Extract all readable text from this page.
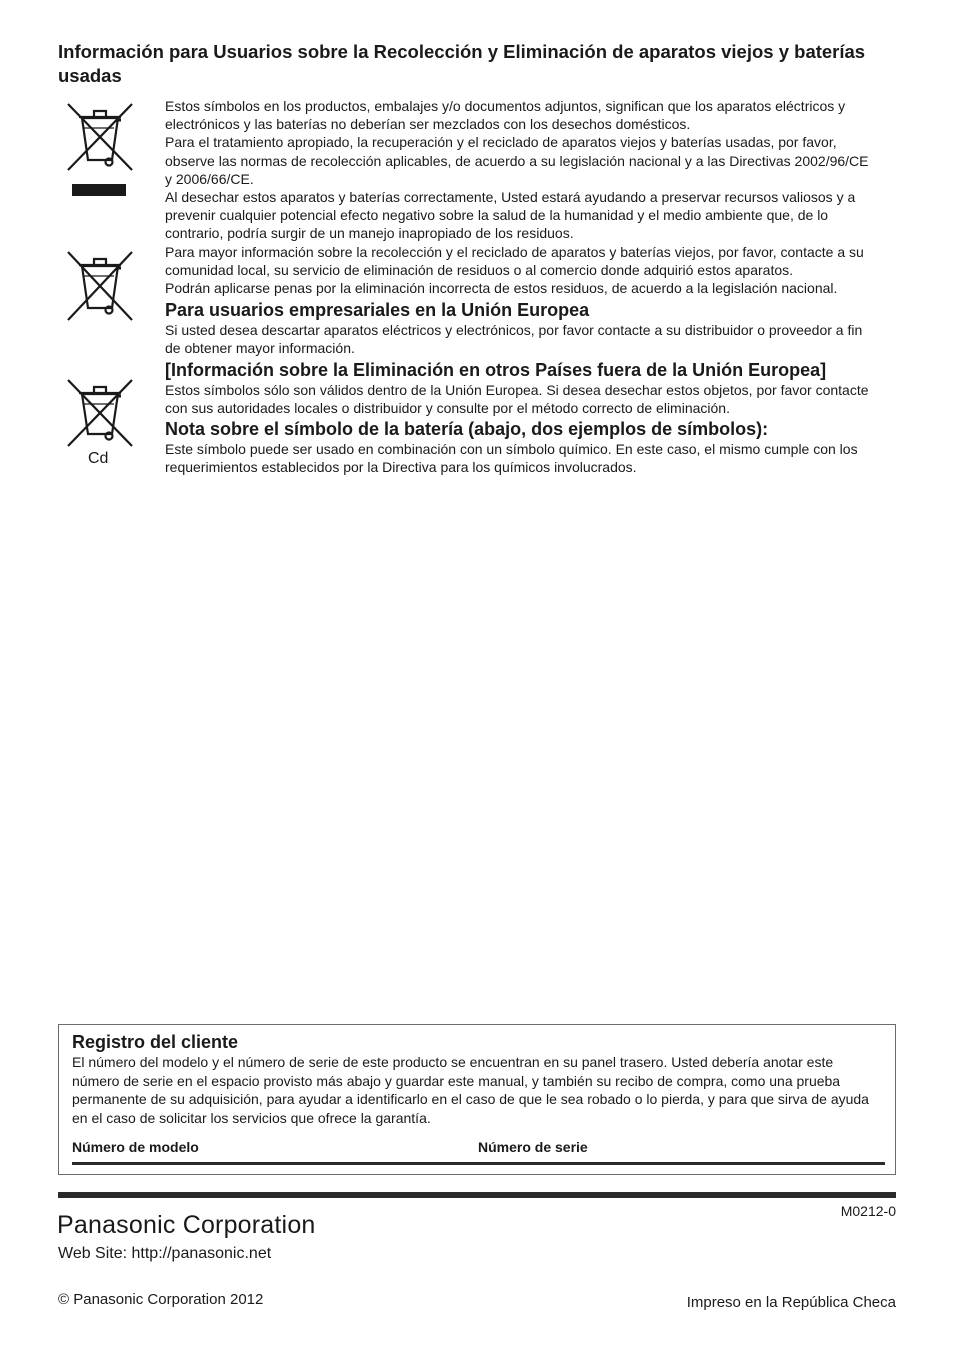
Información para Usuarios sobre la Recolección y Eliminación de aparatos viejos y baterías usadas
Cd

Estos símbolos en los productos, embalajes y/o documentos adjuntos, significan que los aparatos eléctricos y electrónicos y las baterías no deberían ser mezclados con los desechos domésticos.

Para el tratamiento apropiado, la recuperación y el reciclado de aparatos viejos y baterías usadas, por favor, observe las normas de recolección aplicables, de acuerdo a su legislación nacional y a las Directivas 2002/96/CE y 2006/66/CE.

Al desechar estos aparatos y baterías correctamente, Usted estará ayudando a preservar recursos valiosos y a prevenir cualquier potencial efecto negativo sobre la salud de la humanidad y el medio ambiente que, de lo contrario, podría surgir de un manejo inapropiado de los residuos.

Para mayor información sobre la recolección y el reciclado de aparatos y baterías viejos, por favor, contacte a su comunidad local, su servicio de eliminación de residuos o al comercio donde adquirió estos aparatos.

Podrán aplicarse penas por la eliminación incorrecta de estos residuos, de acuerdo a la legislación nacional.

Para usuarios empresariales en la Unión Europea

Si usted desea descartar aparatos eléctricos y electrónicos, por favor contacte a su distribuidor o proveedor a fin de obtener mayor información.

[Información sobre la Eliminación en otros Países fuera de la Unión Europea]

Estos símbolos sólo son válidos dentro de la Unión Europea. Si desea desechar estos objetos, por favor contacte con sus autoridades locales o distribuidor y consulte por el método correcto de eliminación.

Nota sobre el símbolo de la batería (abajo, dos ejemplos de símbolos):

Este símbolo puede ser usado en combinación con un símbolo químico. En este caso, el mismo cumple con los requerimientos establecidos por la Directiva para los químicos involucrados.

Registro del cliente

El número del modelo y el número de serie de este producto se encuentran en su panel trasero. Usted debería anotar este número de serie en el espacio provisto más abajo y guardar este manual, y también su recibo de compra, como una prueba permanente de su adquisición, para ayudar a identificarlo en el caso de que le sea robado o lo pierda, y para que sirva de ayuda en el caso de solicitar los servicios que ofrece la garantía.

Número de modelo	Número de serie
Panasonic Corporation	M0212-0
Web Site: http://panasonic.net
© Panasonic Corporation 2012	Impreso en la República Checa
